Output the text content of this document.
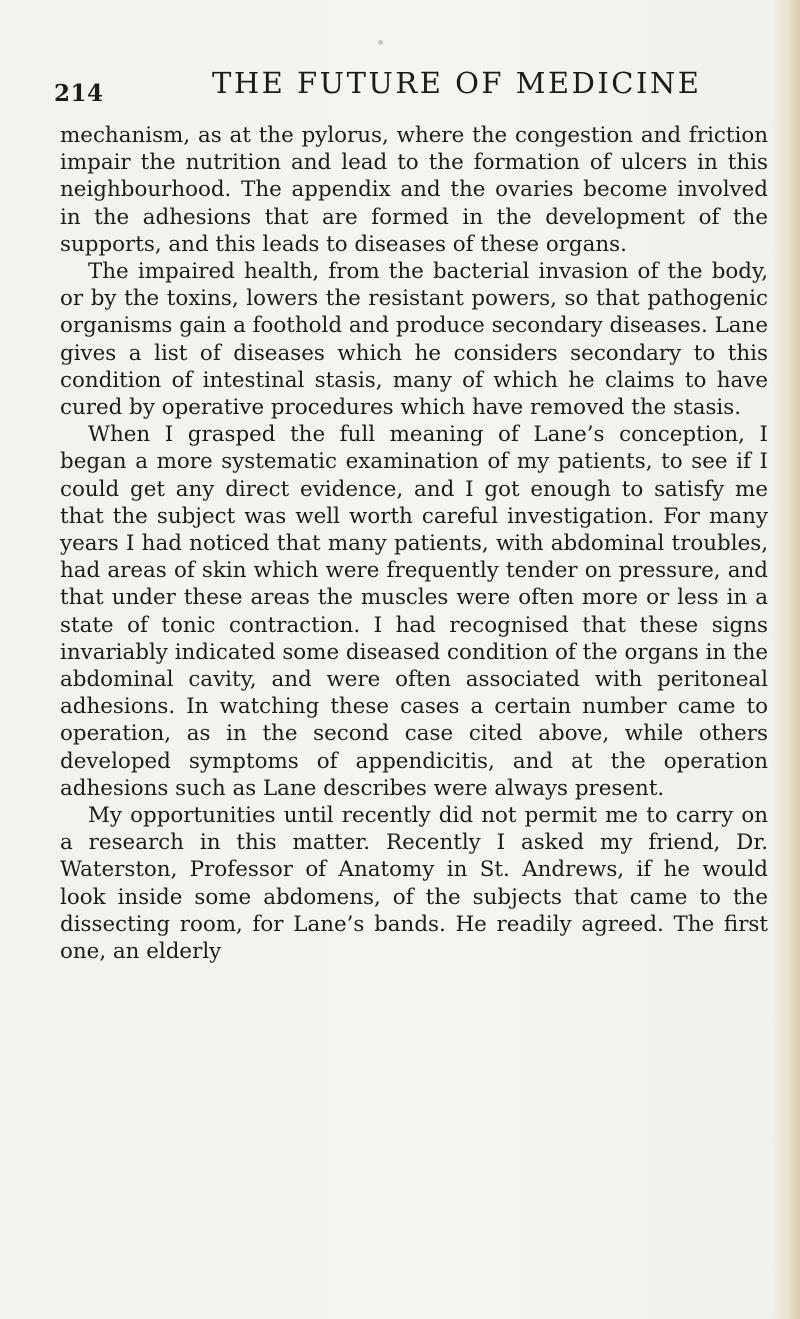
214	THE FUTURE OF MEDICINE

mechanism, as at the pylorus, where the congestion and friction impair the nutrition and lead to the formation of ulcers in this neighbourhood. The appendix and the ovaries become involved in the adhesions that are formed in the development of the supports, and this leads to diseases of these organs.

The impaired health, from the bacterial invasion of the body, or by the toxins, lowers the resistant powers, so that pathogenic organisms gain a foothold and produce secondary diseases. Lane gives a list of diseases which he considers secondary to this condition of intestinal stasis, many of which he claims to have cured by operative procedures which have removed the stasis.

When I grasped the full meaning of Lane’s conception, I began a more systematic examination of my patients, to see if I could get any direct evidence, and I got enough to satisfy me that the subject was well worth careful investigation. For many years I had noticed that many patients, with abdominal troubles, had areas of skin which were frequently tender on pressure, and that under these areas the muscles were often more or less in a state of tonic contraction. I had recognised that these signs invariably indicated some diseased condition of the organs in the abdominal cavity, and were often associated with peritoneal adhesions. In watching these cases a certain number came to operation, as in the second case cited above, while others developed symptoms of appendicitis, and at the operation adhesions such as Lane describes were always present.

My opportunities until recently did not permit me to carry on a research in this matter. Recently I asked my friend, Dr. Waterston, Professor of Anatomy in St. Andrews, if he would look inside some abdomens, of the subjects that came to the dissecting room, for Lane’s bands. He readily agreed. The first one, an elderly
